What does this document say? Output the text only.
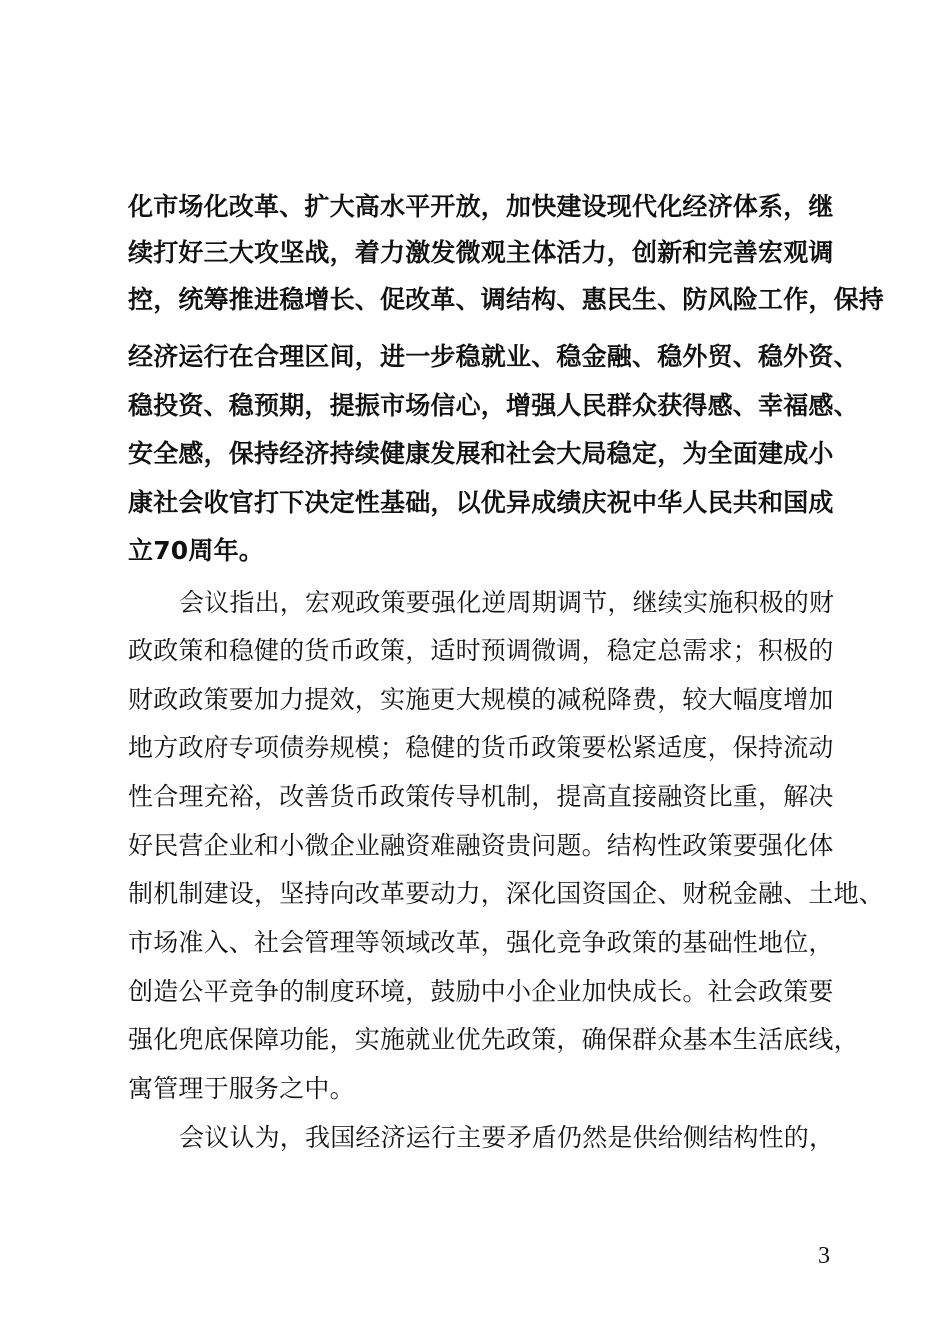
化市场化改革、扩大高水平开放，加快建设现代化经济体系，继
续打好三大攻坚战，着力激发微观主体活力，创新和完善宏观调
控，统筹推进稳增长、促改革、调结构、惠民生、防风险工作，保持
经济运行在合理区间，进一步稳就业、稳金融、稳外贸、稳外资、
稳投资、稳预期，提振市场信心，增强人民群众获得感、幸福感、
安全感，保持经济持续健康发展和社会大局稳定，为全面建成小
康社会收官打下决定性基础，以优异成绩庆祝中华人民共和国成
立70周年。
会议指出，宏观政策要强化逆周期调节，继续实施积极的财
政政策和稳健的货币政策，适时预调微调，稳定总需求；积极的
财政政策要加力提效，实施更大规模的减税降费，较大幅度增加
地方政府专项债券规模；稳健的货币政策要松紧适度，保持流动
性合理充裕，改善货币政策传导机制，提高直接融资比重，解决
好民营企业和小微企业融资难融资贵问题。结构性政策要强化体
制机制建设，坚持向改革要动力，深化国资国企、财税金融、土地、
市场准入、社会管理等领域改革，强化竞争政策的基础性地位，
创造公平竞争的制度环境，鼓励中小企业加快成长。社会政策要
强化兜底保障功能，实施就业优先政策，确保群众基本生活底线，
寓管理于服务之中。
会议认为，我国经济运行主要矛盾仍然是供给侧结构性的，
3
